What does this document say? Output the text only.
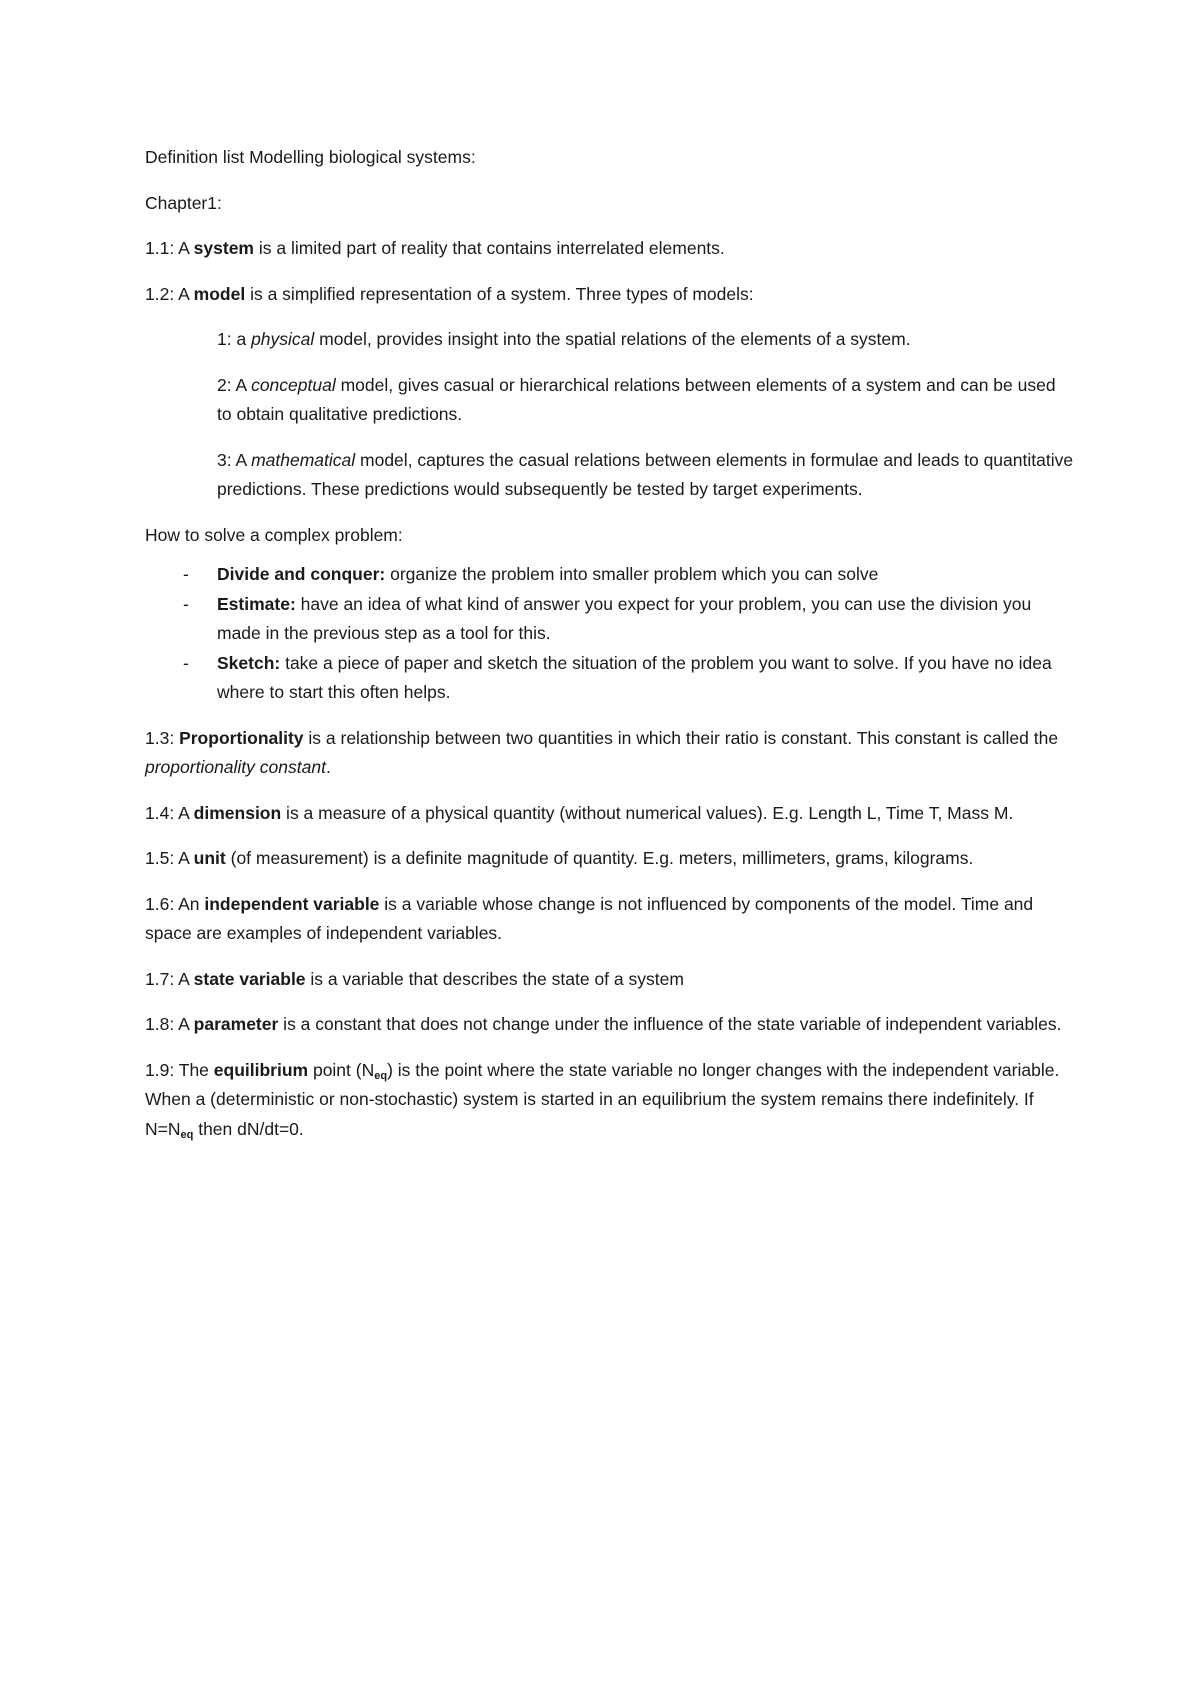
Definition list Modelling biological systems:

Chapter1:

1.1: A system is a limited part of reality that contains interrelated elements.

1.2: A model is a simplified representation of a system. Three types of models:

1: a physical model, provides insight into the spatial relations of the elements of a system.

2: A conceptual model, gives casual or hierarchical relations between elements of a system and can be used to obtain qualitative predictions.

3: A mathematical model, captures the casual relations between elements in formulae and leads to quantitative predictions. These predictions would subsequently be tested by target experiments.

How to solve a complex problem:

- Divide and conquer: organize the problem into smaller problem which you can solve
- Estimate: have an idea of what kind of answer you expect for your problem, you can use the division you made in the previous step as a tool for this.
- Sketch: take a piece of paper and sketch the situation of the problem you want to solve. If you have no idea where to start this often helps.

1.3: Proportionality is a relationship between two quantities in which their ratio is constant. This constant is called the proportionality constant.

1.4: A dimension is a measure of a physical quantity (without numerical values). E.g. Length L, Time T, Mass M.

1.5: A unit (of measurement) is a definite magnitude of quantity. E.g. meters, millimeters, grams, kilograms.

1.6: An independent variable is a variable whose change is not influenced by components of the model. Time and space are examples of independent variables.

1.7: A state variable is a variable that describes the state of a system

1.8: A parameter is a constant that does not change under the influence of the state variable of independent variables.

1.9: The equilibrium point $(N_{eq})$ is the point where the state variable no longer changes with the independent variable. When a (deterministic or non-stochastic) system is started in an equilibrium the system remains there indefinitely. If $N=N_{eq}$ then dN/dt=0.
